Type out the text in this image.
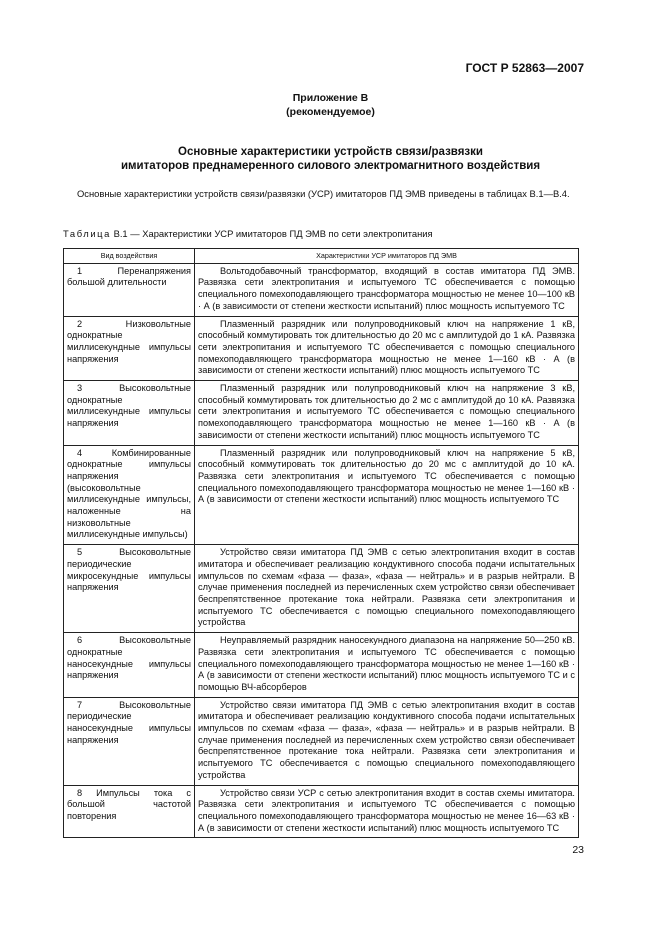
ГОСТ Р 52863—2007
Приложение В
(рекомендуемое)
Основные характеристики устройств связи/развязки
имитаторов преднамеренного силового электромагнитного воздействия
Основные характеристики устройств связи/развязки (УСР) имитаторов ПД ЭМВ приведены в таблицах В.1—В.4.
Таблица В.1 — Характеристики УСР имитаторов ПД ЭМВ по сети электропитания
Вид воздействия	Характеристики УСР имитаторов ПД ЭМВ

1 Перенапряжения большой длительности	Вольтодобавочный трансформатор, входящий в состав имитатора ПД ЭМВ. Развязка сети электропитания и испытуемого ТС обеспечивается с помощью специального помехоподавляющего трансформатора мощностью не менее 10—100 кВ · А (в зависимости от степени жесткости испытаний) плюс мощность испытуемого ТС

2 Низковольтные однократные миллисекундные импульсы напряжения	Плазменный разрядник или полупроводниковый ключ на напряжение 1 кВ, способный коммутировать ток длительностью до 20 мс с амплитудой до 1 кА. Развязка сети электропитания и испытуемого ТС обеспечивается с помощью специального помехоподавляющего трансформатора мощностью не менее 1—160 кВ · А (в зависимости от степени жесткости испытаний) плюс мощность испытуемого ТС

3 Высоковольтные однократные миллисекундные импульсы напряжения	Плазменный разрядник или полупроводниковый ключ на напряжение 3 кВ, способный коммутировать ток длительностью до 2 мс с амплитудой до 10 кА. Развязка сети электропитания и испытуемого ТС обеспечивается с помощью специального помехоподавляющего трансформатора мощностью не менее 1—160 кВ · А (в зависимости от степени жесткости испытаний) плюс мощность испытуемого ТС

4 Комбинированные однократные импульсы напряжения (высоковольтные миллисекундные импульсы, наложенные на низковольтные миллисекундные импульсы)	Плазменный разрядник или полупроводниковый ключ на напряжение 5 кВ, способный коммутировать ток длительностью до 20 мс с амплитудой до 10 кА. Развязка сети электропитания и испытуемого ТС обеспечивается с помощью специального помехоподавляющего трансформатора мощностью не менее 1—160 кВ · А (в зависимости от степени жесткости испытаний) плюс мощность испытуемого ТС

5 Высоковольтные периодические микросекундные импульсы напряжения	Устройство связи имитатора ПД ЭМВ с сетью электропитания входит в состав имитатора и обеспечивает реализацию кондуктивного способа подачи испытательных импульсов по схемам «фаза — фаза», «фаза — нейтраль» и в разрыв нейтрали. В случае применения последней из перечисленных схем устройство связи обеспечивает беспрепятственное протекание тока нейтрали. Развязка сети электропитания и испытуемого ТС обеспечивается с помощью специального помехоподавляющего устройства

6 Высоковольтные однократные наносекундные импульсы напряжения	Неуправляемый разрядник наносекундного диапазона на напряжение 50—250 кВ. Развязка сети электропитания и испытуемого ТС обеспечивается с помощью специального помехоподавляющего трансформатора мощностью не менее 1—160 кВ · А (в зависимости от степени жесткости испытаний) плюс мощность испытуемого ТС и с помощью ВЧ-абсорберов

7 Высоковольтные периодические наносекундные импульсы напряжения	Устройство связи имитатора ПД ЭМВ с сетью электропитания входит в состав имитатора и обеспечивает реализацию кондуктивного способа подачи испытательных импульсов по схемам «фаза — фаза», «фаза — нейтраль» и в разрыв нейтрали. В случае применения последней из перечисленных схем устройство связи обеспечивает беспрепятственное протекание тока нейтрали. Развязка сети электропитания и испытуемого ТС обеспечивается с помощью специального помехоподавляющего устройства

8 Импульсы тока с большой частотой повторения	Устройство связи УСР с сетью электропитания входит в состав схемы имитатора. Развязка сети электропитания и испытуемого ТС обеспечивается с помощью специального помехоподавляющего трансформатора мощностью не менее 16—63 кВ · А (в зависимости от степени жесткости испытаний) плюс мощность испытуемого ТС
23
